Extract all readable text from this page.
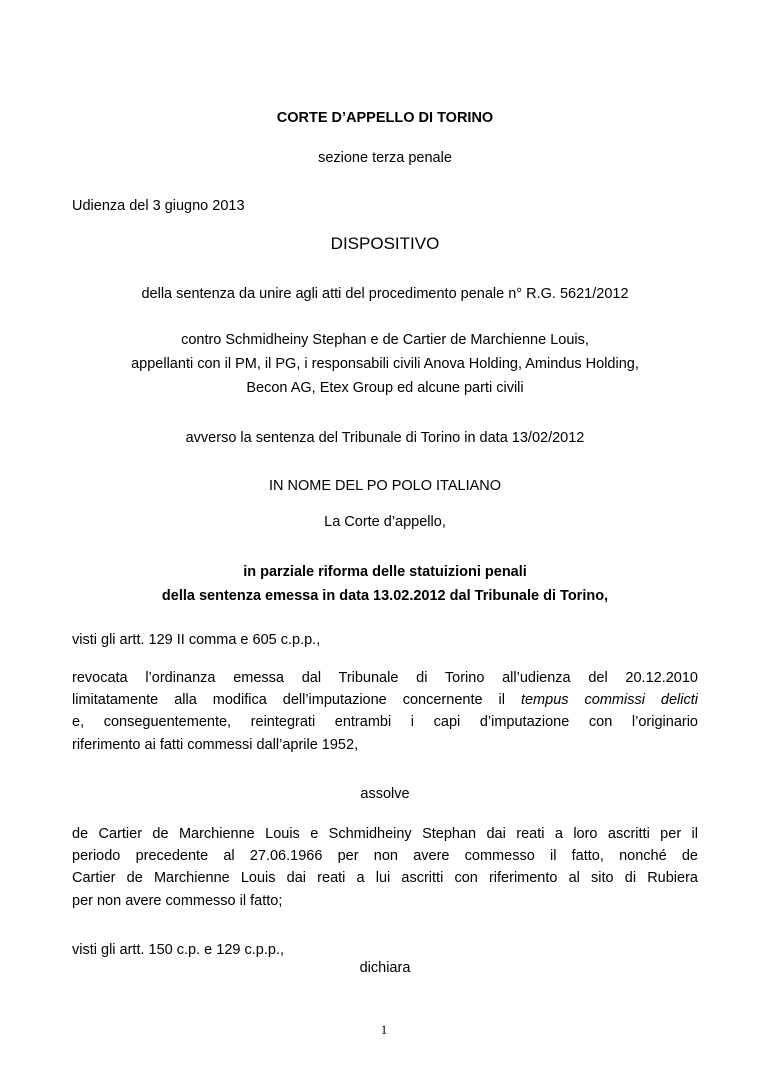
CORTE D’APPELLO DI TORINO
sezione terza penale
Udienza del 3 giugno 2013
DISPOSITIVO
della sentenza da unire agli atti del procedimento penale n° R.G. 5621/2012
contro Schmidheiny Stephan e de Cartier de Marchienne Louis,
appellanti con il PM, il PG, i responsabili civili Anova Holding, Amindus Holding,
Becon AG, Etex Group ed alcune parti civili
avverso la sentenza del Tribunale di Torino in data 13/02/2012
IN NOME DEL PO POLO ITALIANO
La Corte d’appello,
in parziale riforma delle statuizioni penali
della sentenza emessa in data 13.02.2012 dal Tribunale di Torino,
visti gli artt. 129 II comma e 605 c.p.p.,
revocata l’ordinanza emessa dal Tribunale di Torino all’udienza del 20.12.2010
limitatamente alla modifica dell’imputazione concernente il tempus commissi delicti
e, conseguentemente, reintegrati entrambi i capi d’imputazione con l’originario
riferimento ai fatti commessi dall’aprile 1952,
assolve
de Cartier de Marchienne Louis e Schmidheiny Stephan dai reati a loro ascritti per il
periodo precedente al 27.06.1966 per non avere commesso il fatto, nonché de
Cartier de Marchienne Louis dai reati a lui ascritti con riferimento al sito di Rubiera
per non avere commesso il fatto;
visti gli artt. 150 c.p. e 129 c.p.p.,
dichiara
1
